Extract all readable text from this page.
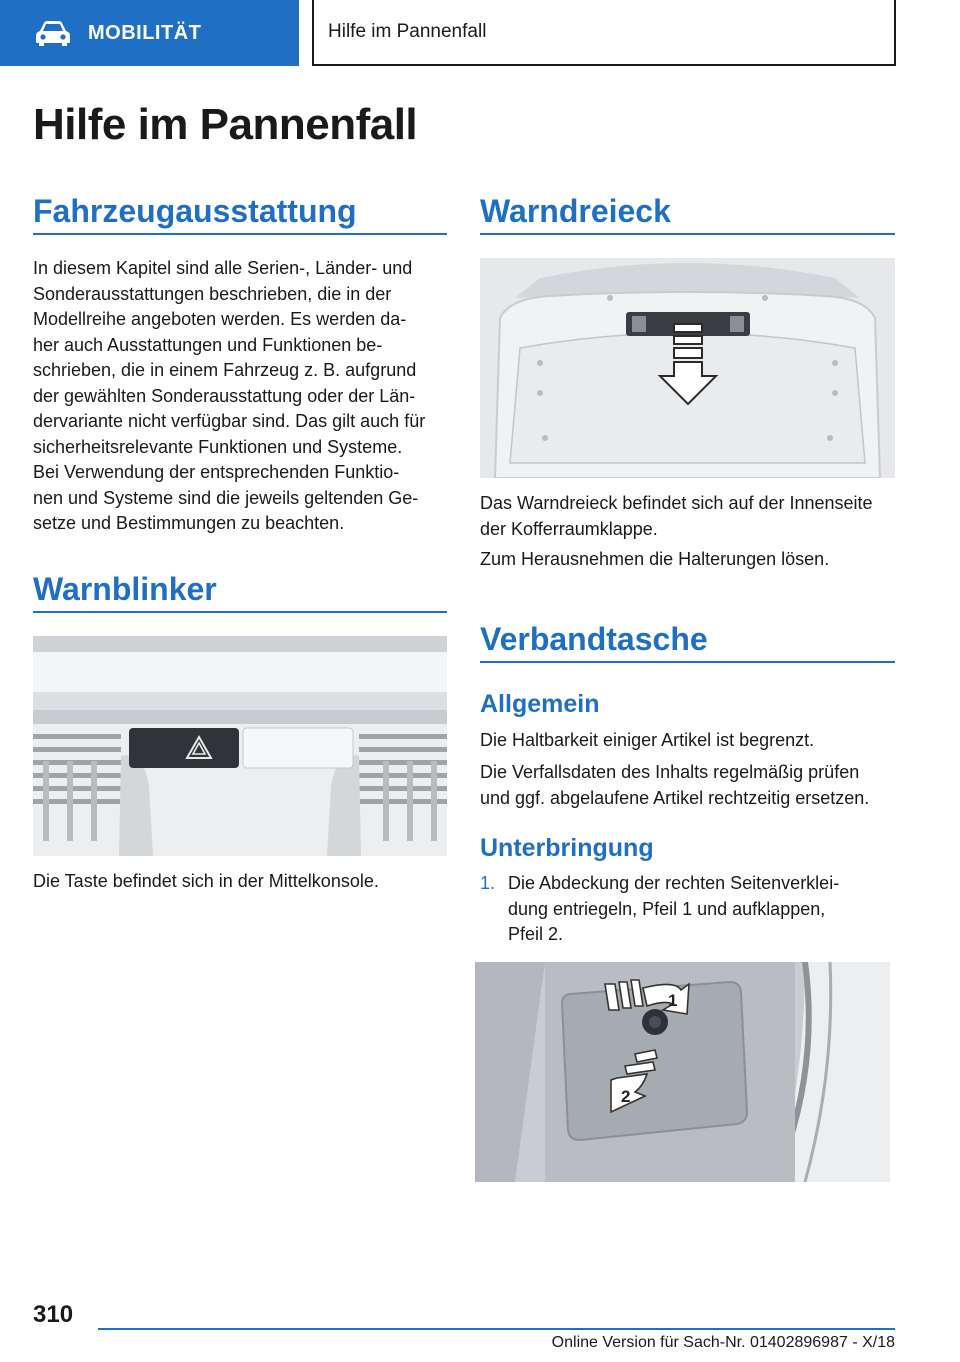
MOBILITÄT	Hilfe im Pannenfall
Hilfe im Pannenfall
Fahrzeugausstattung
In diesem Kapitel sind alle Serien-, Länder- und
Sonderausstattungen beschrieben, die in der
Modellreihe angeboten werden. Es werden da-
her auch Ausstattungen und Funktionen be-
schrieben, die in einem Fahrzeug z. B. aufgrund
der gewählten Sonderausstattung oder der Län-
dervariante nicht verfügbar sind. Das gilt auch für
sicherheitsrelevante Funktionen und Systeme.
Bei Verwendung der entsprechenden Funktio-
nen und Systeme sind die jeweils geltenden Ge-
setze und Bestimmungen zu beachten.
Warnblinker
Die Taste befindet sich in der Mittelkonsole.
Warndreieck
Das Warndreieck befindet sich auf der Innenseite
der Kofferraumklappe.
Zum Herausnehmen die Halterungen lösen.
Verbandtasche
Allgemein
Die Haltbarkeit einiger Artikel ist begrenzt.
Die Verfallsdaten des Inhalts regelmäßig prüfen
und ggf. abgelaufene Artikel rechtzeitig ersetzen.
Unterbringung
1. Die Abdeckung der rechten Seitenverklei-
dung entriegeln, Pfeil 1 und aufklappen,
Pfeil 2.
1
2
310
Online Version für Sach-Nr. 01402896987 - X/18
